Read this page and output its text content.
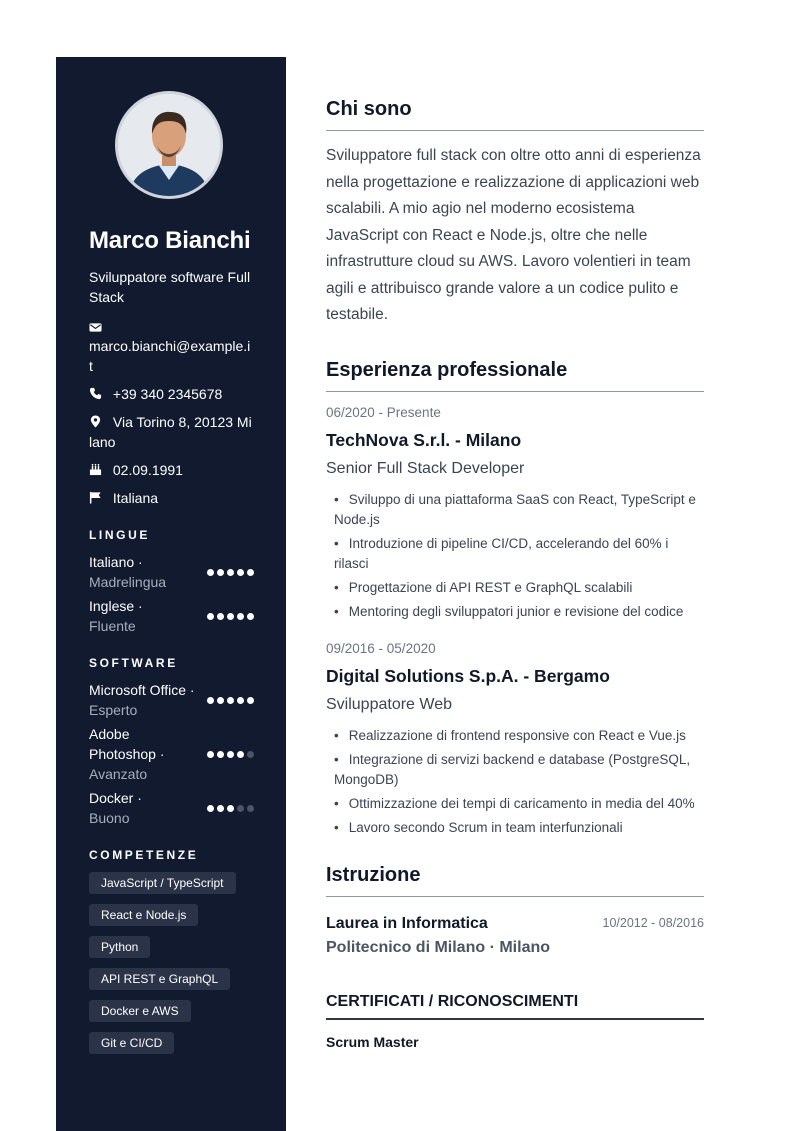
Marco Bianchi
Sviluppatore software Full Stack
marco.bianchi@example.it
+39 340 2345678
Via Torino 8, 20123 Milano
02.09.1991
Italiana
LINGUE
Italiano ·
Madrelingua
Inglese ·
Fluente
SOFTWARE
Microsoft Office ·
Esperto
Adobe Photoshop ·
Avanzato
Docker ·
Buono
COMPETENZE
JavaScript / TypeScript
React e Node.js
Python
API REST e GraphQL
Docker e AWS
Git e CI/CD
Chi sono

Sviluppatore full stack con oltre otto anni di esperienza nella progettazione e realizzazione di applicazioni web scalabili. A mio agio nel moderno ecosistema JavaScript con React e Node.js, oltre che nelle infrastrutture cloud su AWS. Lavoro volentieri in team agili e attribuisco grande valore a un codice pulito e testabile.

Esperienza professionale
06/2020 - Presente
TechNova S.r.l. - Milano
Senior Full Stack Developer
• Sviluppo di una piattaforma SaaS con React, TypeScript e Node.js
• Introduzione di pipeline CI/CD, accelerando del 60% i rilasci
• Progettazione di API REST e GraphQL scalabili
• Mentoring degli sviluppatori junior e revisione del codice
09/2016 - 05/2020
Digital Solutions S.p.A. - Bergamo
Sviluppatore Web
• Realizzazione di frontend responsive con React e Vue.js
• Integrazione di servizi backend e database (PostgreSQL, MongoDB)
• Ottimizzazione dei tempi di caricamento in media del 40%
• Lavoro secondo Scrum in team interfunzionali
Istruzione
Laurea in Informatica
Politecnico di Milano · Milano
10/2012 - 08/2016
CERTIFICATI / RICONOSCIMENTI
Scrum Master
